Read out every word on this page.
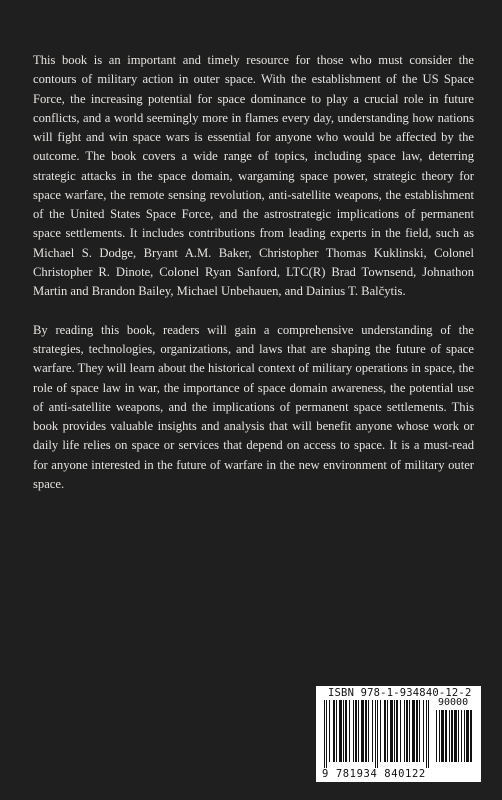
This book is an important and timely resource for those who must consider the contours of military action in outer space. With the establishment of the US Space Force, the increasing potential for space dominance to play a crucial role in future conflicts, and a world seemingly more in flames every day, understanding how nations will fight and win space wars is essential for anyone who would be affected by the outcome. The book covers a wide range of topics, including space law, deterring strategic attacks in the space domain, wargaming space power, strategic theory for space warfare, the remote sensing revolution, anti-satellite weapons, the establishment of the United States Space Force, and the astrostrategic implications of permanent space settlements. It includes contributions from leading experts in the field, such as Michael S. Dodge, Bryant A.M. Baker, Christopher Thomas Kuklinski, Colonel Christopher R. Dinote, Colonel Ryan Sanford, LTC(R) Brad Townsend, Johnathon Martin and Brandon Bailey, Michael Unbehauen, and Dainius T. Balčytis.

By reading this book, readers will gain a comprehensive understanding of the strategies, technologies, organizations, and laws that are shaping the future of space warfare. They will learn about the historical context of military operations in space, the role of space law in war, the importance of space domain awareness, the potential use of anti-satellite weapons, and the implications of permanent space settlements. This book provides valuable insights and analysis that will benefit anyone whose work or daily life relies on space or services that depend on access to space. It is a must-read for anyone interested in the future of warfare in the new environment of military outer space.

ISBN 978-1-934840-12-2
90000
9 781934 840122
